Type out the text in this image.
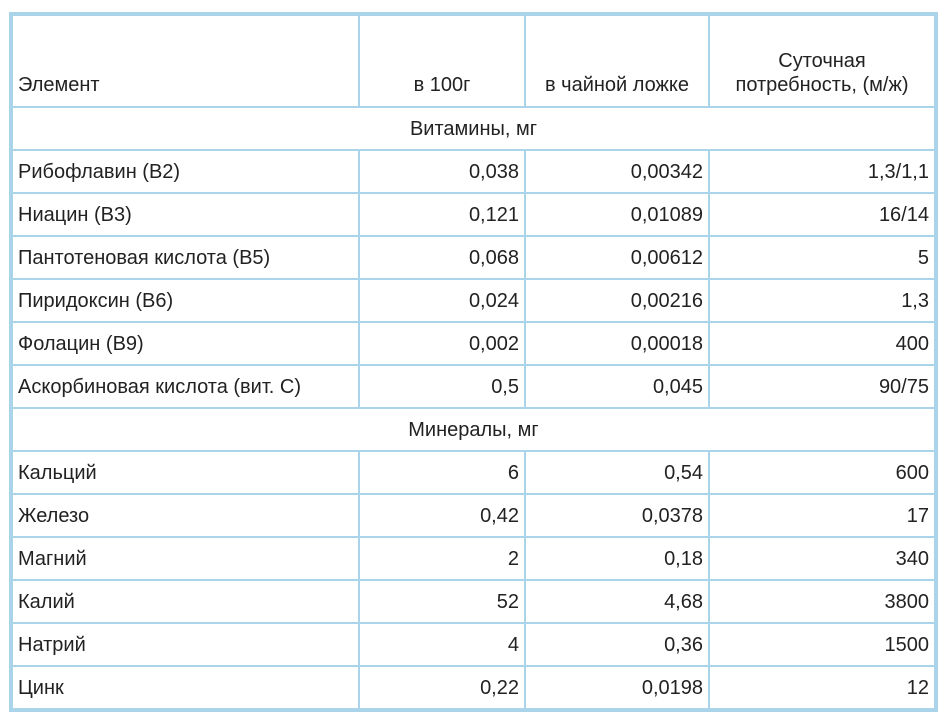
Элемент	в 100г	в чайной ложке	Суточная
потребность, (м/ж)
Витамины, мг			
Рибофлавин (B2)	0,038	0,00342	1,3/1,1
Ниацин (B3)	0,121	0,01089	16/14
Пантотеновая кислота (B5)	0,068	0,00612	5
Пиридоксин (B6)	0,024	0,00216	1,3
Фолацин (B9)	0,002	0,00018	400
Аскорбиновая кислота (вит. C)	0,5	0,045	90/75
Минералы, мг			
Кальций	6	0,54	600
Железо	0,42	0,0378	17
Магний	2	0,18	340
Калий	52	4,68	3800
Натрий	4	0,36	1500
Цинк	0,22	0,0198	12
